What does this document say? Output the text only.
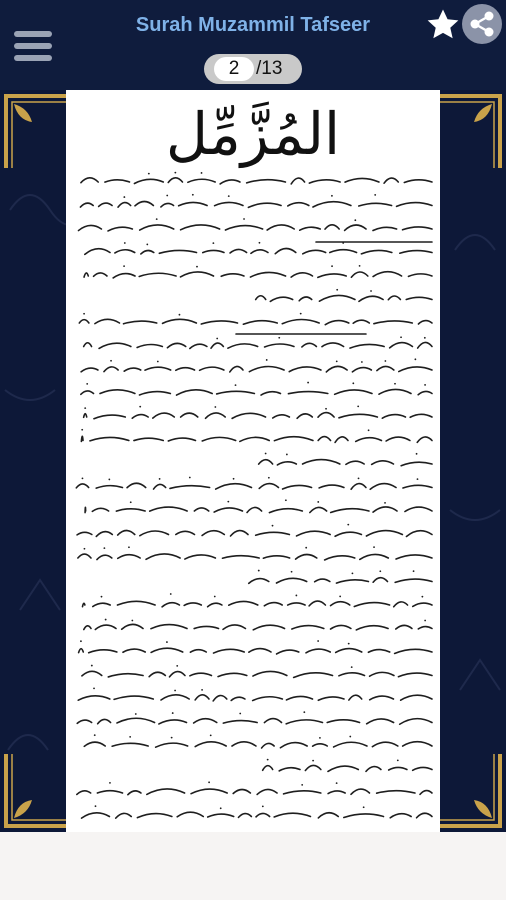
Surah Muzammil Tafseer
2 /13
المُزَّمِّل
